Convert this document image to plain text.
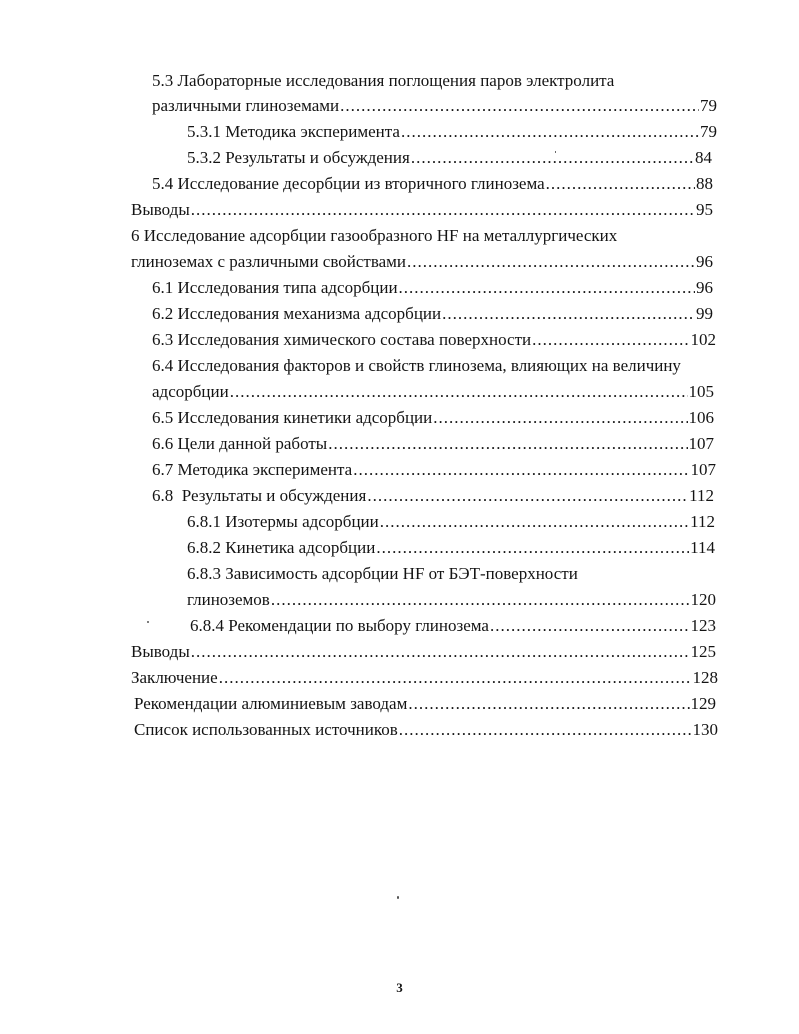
5.3 Лабораторные исследования поглощения паров электролита
различными глиноземами .....	79
5.3.1 Методика эксперимента .....	79
5.3.2 Результаты и обсуждения .....	84
5.4 Исследование десорбции из вторичного глинозема .....	88
Выводы .....	95
6 Исследование адсорбции газообразного HF на металлургических
глиноземах с различными свойствами .....	96
6.1 Исследования типа адсорбции .....	96
6.2 Исследования механизма адсорбции .....	99
6.3 Исследования химического состава поверхности .....	102
6.4 Исследования факторов и свойств глинозема, влияющих на величину
адсорбции .....	105
6.5 Исследования кинетики адсорбции .....	106
6.6 Цели данной работы .....	107
6.7 Методика эксперимента .....	107
6.8  Результаты и обсуждения .....	112
6.8.1 Изотермы адсорбции .....	112
6.8.2 Кинетика адсорбции .....	114
6.8.3 Зависимость адсорбции HF от БЭТ-поверхности
глиноземов .....	120
6.8.4 Рекомендации по выбору глинозема .....	123
Выводы .....	125
Заключение .....	128
Рекомендации алюминиевым заводам .....	129
Список использованных источников .....	130
3
